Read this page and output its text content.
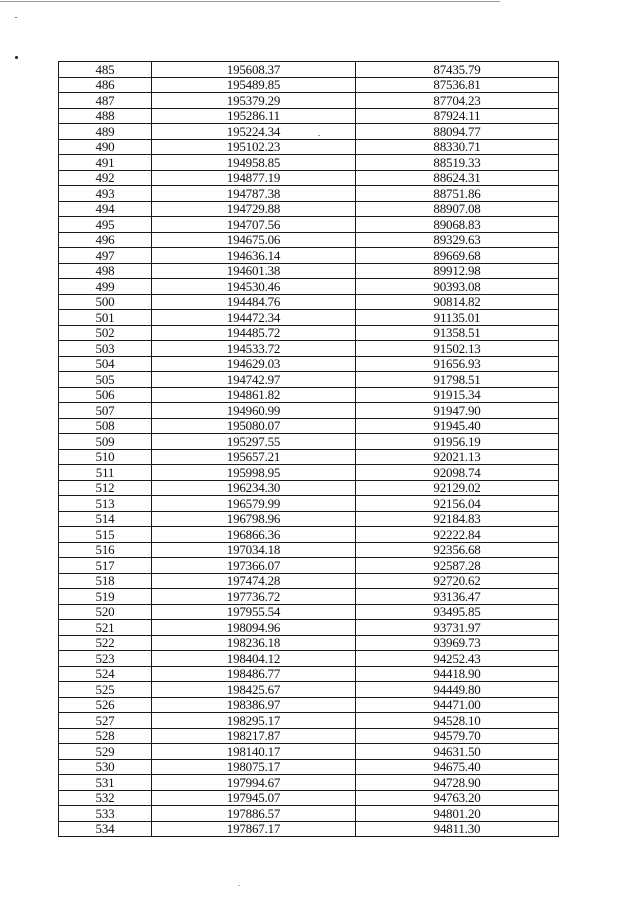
485	195608.37	87435.79
486	195489.85	87536.81
487	195379.29	87704.23
488	195286.11	87924.11
489	195224.34	88094.77
490	195102.23	88330.71
491	194958.85	88519.33
492	194877.19	88624.31
493	194787.38	88751.86
494	194729.88	88907.08
495	194707.56	89068.83
496	194675.06	89329.63
497	194636.14	89669.68
498	194601.38	89912.98
499	194530.46	90393.08
500	194484.76	90814.82
501	194472.34	91135.01
502	194485.72	91358.51
503	194533.72	91502.13
504	194629.03	91656.93
505	194742.97	91798.51
506	194861.82	91915.34
507	194960.99	91947.90
508	195080.07	91945.40
509	195297.55	91956.19
510	195657.21	92021.13
511	195998.95	92098.74
512	196234.30	92129.02
513	196579.99	92156.04
514	196798.96	92184.83
515	196866.36	92222.84
516	197034.18	92356.68
517	197366.07	92587.28
518	197474.28	92720.62
519	197736.72	93136.47
520	197955.54	93495.85
521	198094.96	93731.97
522	198236.18	93969.73
523	198404.12	94252.43
524	198486.77	94418.90
525	198425.67	94449.80
526	198386.97	94471.00
527	198295.17	94528.10
528	198217.87	94579.70
529	198140.17	94631.50
530	198075.17	94675.40
531	197994.67	94728.90
532	197945.07	94763.20
533	197886.57	94801.20
534	197867.17	94811.30
